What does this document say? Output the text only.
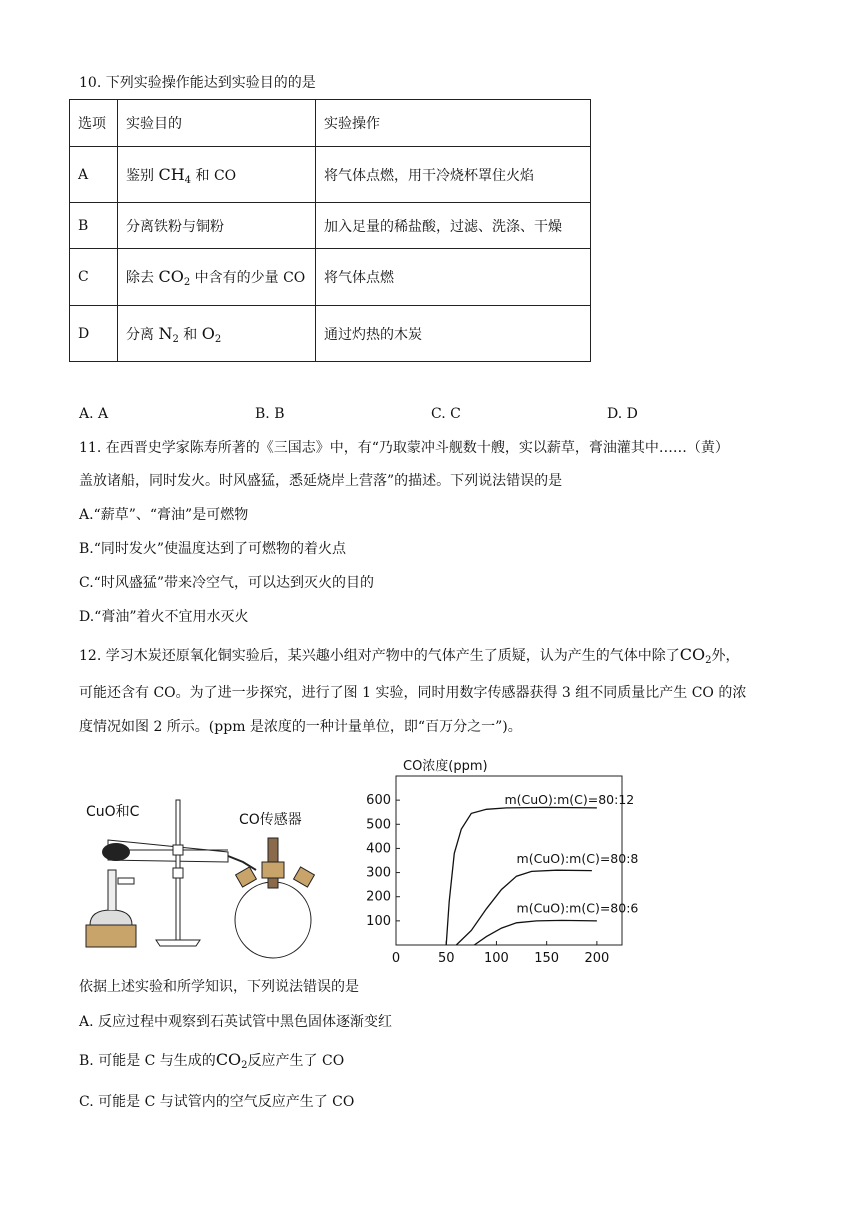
10. 下列实验操作能达到实验目的的是
选项	实验目的	实验操作
A	鉴别 $CH_4$ 和 CO	将气体点燃，用干冷烧杯罩住火焰
B	分离铁粉与铜粉	加入足量的稀盐酸，过滤、洗涤、干燥
C	除去 $CO_2$ 中含有的少量 CO	将气体点燃
D	分离 $N_2$ 和 $O_2$	通过灼热的木炭
A. A	B. B	C. C	D. D
11. 在西晋史学家陈寿所著的《三国志》中，有“乃取蒙冲斗舰数十艘，实以薪草，膏油灌其中……（黄）
盖放诸船，同时发火。时风盛猛，悉延烧岸上营落”的描述。下列说法错误的是
A.“薪草”、“膏油”是可燃物
B.“同时发火”使温度达到了可燃物的着火点
C.“时风盛猛”带来冷空气，可以达到灭火的目的
D.“膏油”着火不宜用水灭火
12. 学习木炭还原氧化铜实验后，某兴趣小组对产物中的气体产生了质疑，认为产生的气体中除了$CO_2$外，
可能还含有 CO。为了进一步探究，进行了图 1 实验，同时用数字传感器获得 3 组不同质量比产生 CO 的浓
度情况如图 2 所示。(ppm 是浓度的一种计量单位，即“百万分之一”)。
CuO和C	CO传感器
CO浓度(ppm)
100
200
300
400
500
600
0	50 100 150 200
m(CuO):m(C)=80:12
m(CuO):m(C)=80:8
m(CuO):m(C)=80:6
依据上述实验和所学知识，下列说法错误的是
A. 反应过程中观察到石英试管中黑色固体逐渐变红
B. 可能是 C 与生成的$CO_2$反应产生了 CO
C. 可能是 C 与试管内的空气反应产生了 CO
